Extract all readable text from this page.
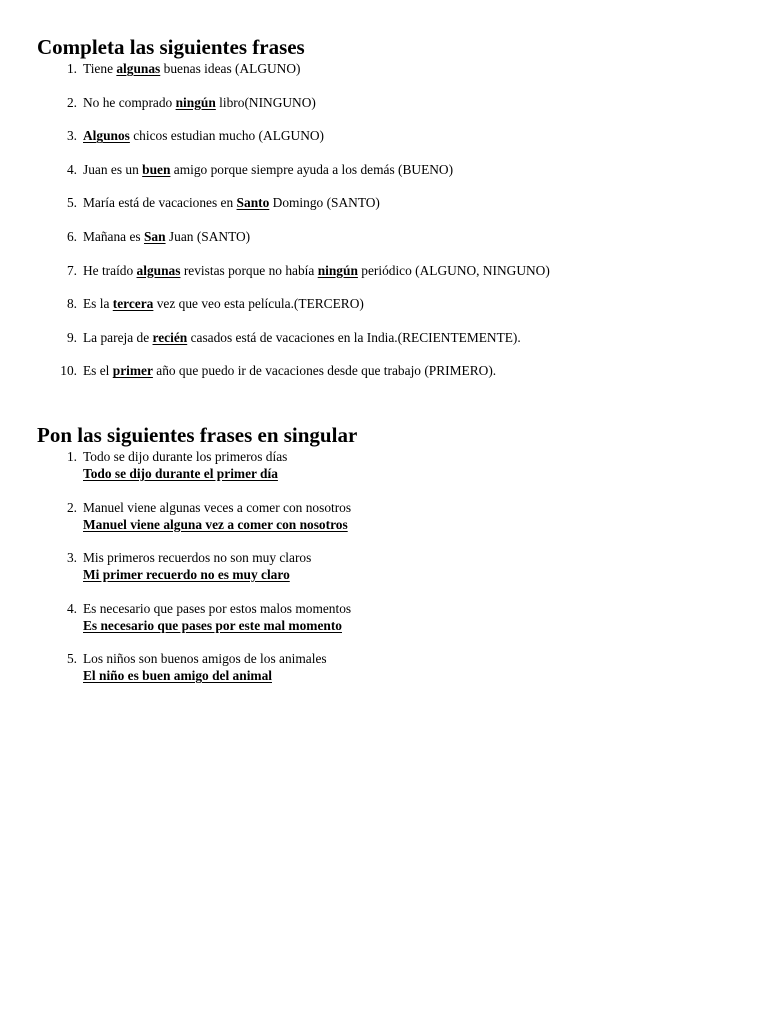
Completa las siguientes frases
1. Tiene algunas buenas ideas (ALGUNO)
2. No he comprado ningún libro(NINGUNO)
3. Algunos chicos estudian mucho (ALGUNO)
4. Juan es un buen amigo porque siempre ayuda a los demás (BUENO)
5. María está de vacaciones en Santo Domingo (SANTO)
6. Mañana es San Juan (SANTO)
7. He traído algunas revistas porque no había ningún periódico (ALGUNO, NINGUNO)
8. Es la tercera vez que veo esta película.(TERCERO)
9. La pareja de recién casados está de vacaciones en la India.(RECIENTEMENTE).
10. Es el primer año que puedo ir de vacaciones desde que trabajo (PRIMERO).
Pon las siguientes frases en singular
1. Todo se dijo durante los primeros días
Todo se dijo durante el primer día
2. Manuel viene algunas veces a comer con nosotros
Manuel viene alguna vez a comer con nosotros
3. Mis primeros recuerdos no son muy claros
Mi primer recuerdo no es muy claro
4. Es necesario que pases por estos malos momentos
Es necesario que pases por este mal momento
5. Los niños son buenos amigos de los animales
El niño es buen amigo del animal
